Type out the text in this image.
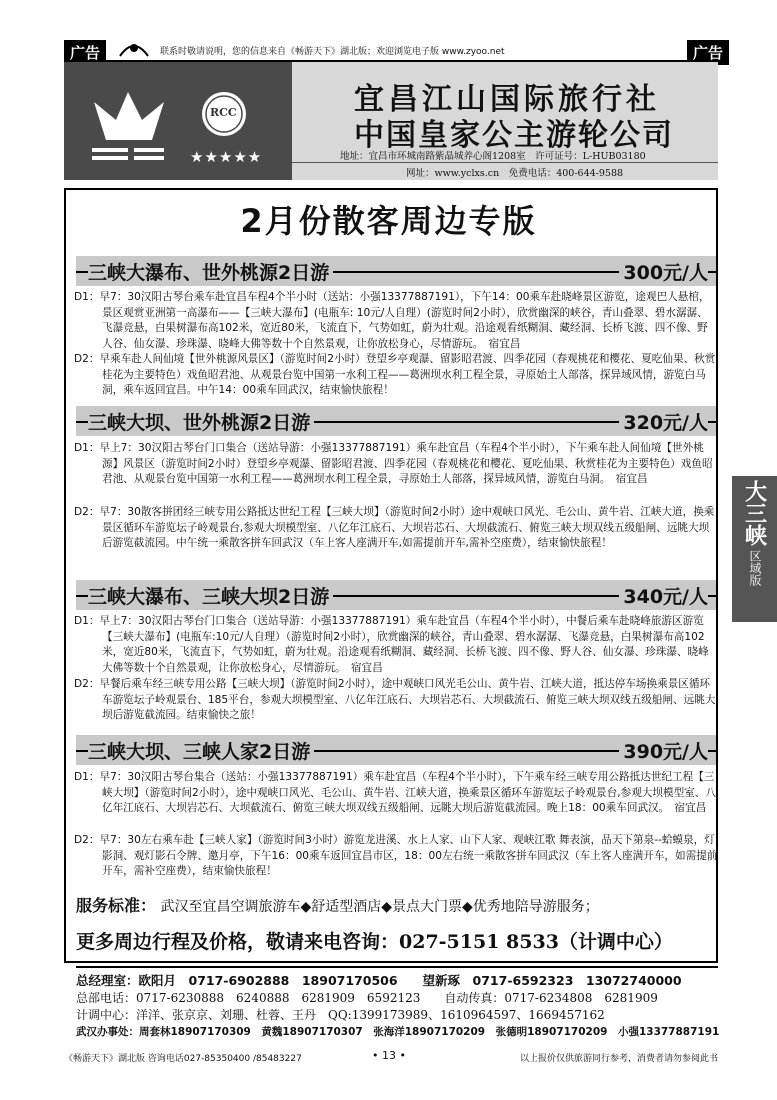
广告	联系时敬请说明，您的信息来自《畅游天下》湖北版；欢迎浏览电子版 www.zyoo.net	广告
RCC
★★★★★
宜昌江山国际旅行社
中国皇家公主游轮公司
地址：宜昌市环城南路紫晶城养心阁1208室　许可证号：L-HUB03180
网址：www.yclxs.cn　免费电话：400-644-9588
2月份散客周边专版
三峡大瀑布、世外桃源2日游	300元/人
D1：早7：30汉阳古琴台乘车赴宜昌车程4个半小时（送站：小强13377887191），下午14：00乘车赴晓峰景区游览，途观巴人悬棺，景区观赏亚洲第一高瀑布——【三峡大瀑布】(电瓶车: 10元/人自理）(游览时间2小时），欣赏幽深的峡谷，青山叠翠、碧水潺潺、飞瀑竞悬，白果树瀑布高102米，宽近80米，飞流直下，气势如虹，蔚为壮观。沿途观看纸糊洞、藏经洞、长桥飞渡、四不像、野人谷、仙女瀑、珍珠瀑、晓峰大佛等数十个自然景观，让你放松身心，尽情游玩。　宿宜昌
D2：早乘车赴人间仙境【世外桃源风景区】（游览时间2小时）登望乡亭观瀑、留影昭君渡、四季花园（春观桃花和樱花、夏吃仙果、秋赏桂花为主要特色）戏鱼昭君池、从观景台览中国第一水利工程——葛洲坝水利工程全景，寻原始土人部落，探异域风情，游览白马洞，乘车返回宜昌。中午14：00乘车回武汉，结束愉快旅程！
三峡大坝、世外桃源2日游	320元/人
D1：早上7：30汉阳古琴台门口集合（送站导游：小强13377887191）乘车赴宜昌（车程4个半小时），下午乘车赴人间仙境【世外桃源】风景区（游览时间2小时）登望乡亭观瀑、留影昭君渡、四季花园（春观桃花和樱花、夏吃仙果、秋赏桂花为主要特色）戏鱼昭君池、从观景台览中国第一水利工程——葛洲坝水利工程全景，寻原始土人部落，探异域风情，游览白马洞。　宿宜昌
D2：早7：30散客拼团经三峡专用公路抵达世纪工程【三峡大坝】（游览时间2小时）途中观峡口风光、毛公山、黄牛岩、江峡大道，换乘景区循环车游览坛子岭观景台,参观大坝模型室、八亿年江底石、大坝岩芯石、大坝截流石、俯览三峡大坝双线五级船闸、远眺大坝后游览截流园。中午统一乘散客拼车回武汉（车上客人座满开车,如需提前开车,需补空座费），结束愉快旅程！
三峡大瀑布、三峡大坝2日游	340元/人
D1：早上7：30汉阳古琴台门口集合（送站导游：小强13377887191）乘车赴宜昌（车程4个半小时），中餐后乘车赴晓峰旅游区游览【三峡大瀑布】(电瓶车:10元/人自理）（游览时间2小时），欣赏幽深的峡谷，青山叠翠、碧水潺潺、飞瀑竞悬，白果树瀑布高102米，宽近80米，飞流直下，气势如虹，蔚为壮观。沿途观看纸糊洞、藏经洞、长桥飞渡、四不像、野人谷、仙女瀑、珍珠瀑、晓峰大佛等数十个自然景观，让你放松身心，尽情游玩。　宿宜昌
D2：早餐后乘车经三峡专用公路【三峡大坝】（游览时间2小时），途中观峡口风光毛公山、黄牛岩、江峡大道，抵达停车场换乘景区循环车游览坛子岭观景台、185平台，参观大坝模型室、八亿年江底石、大坝岩芯石、大坝截流石、俯览三峡大坝双线五级船闸、远眺大坝后游览截流园。结束愉快之旅！
三峡大坝、三峡人家2日游	390元/人
D1：早7：30汉阳古琴台集合（送站：小强13377887191）乘车赴宜昌（车程4个半小时），下午乘车经三峡专用公路抵达世纪工程【三峡大坝】（游览时间2小时），途中观峡口风光、毛公山、黄牛岩、江峡大道，换乘景区循环车游览坛子岭观景台,参观大坝模型室、八亿年江底石、大坝岩芯石、大坝截流石、俯览三峡大坝双线五级船闸、远眺大坝后游览截流园。晚上18：00乘车回武汉。　宿宜昌
D2：早7：30左右乘车赴【三峡人家】（游览时间3小时）游览龙进溪、水上人家、山下人家、观峡江歌 舞表演，品天下第泉--蛤蟆泉，灯影洞、观灯影石令牌、邀月亭，下午16：00乘车返回宜昌市区，18：00左右统一乘散客拼车回武汉（车上客人座满开车，如需提前开车，需补空座费），结束愉快旅程！
大三峡
区域版
服务标准： 武汉至宜昌空调旅游车◆舒适型酒店◆景点大门票◆优秀地陪导游服务；
更多周边行程及价格，敬请来电咨询：027-5151 8533（计调中心）
总经理室：欧阳月　0717-6902888　18907170506　　望新琢　0717-6592323　13072740000
总部电话：0717-6230888　6240888　6281909　6592123　　自动传真：0717-6234808　6281909
计调中心：洋洋、张京京、刘珊、杜蓉、王丹　QQ:1399173989、1610964597、1669457162
武汉办事处：周套林18907170309　黄魏18907170307　张海洋18907170209　张德明18907170209　小强13377887191
《畅游天下》湖北版 咨询电话027-85350400 /85483227	• 13 •	以上报价仅供旅游同行参考，消费者请勿参阅此书
